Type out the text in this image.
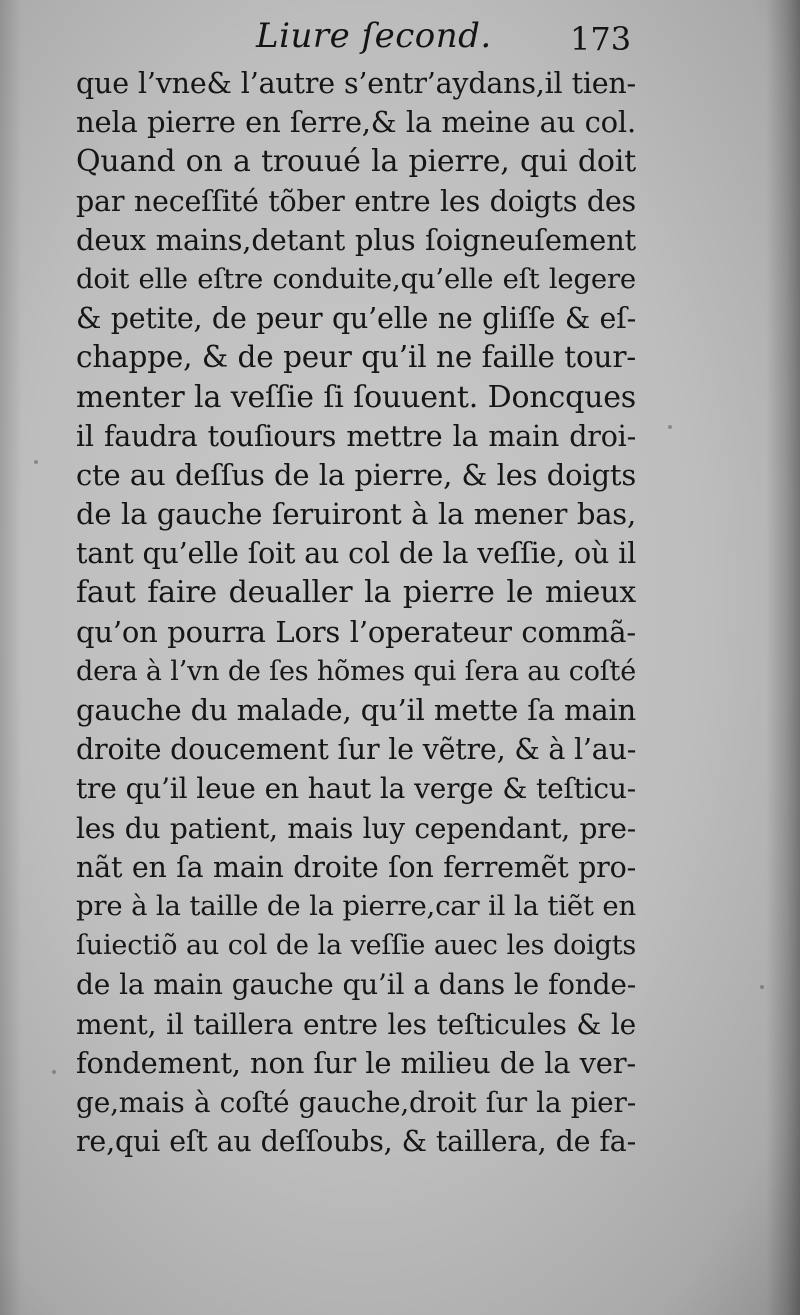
Liure ſecond. 173
que l’vne& l’autre s’entr’aydans,il tien-
nela pierre en ſerre,& la meine au col.
Quand on a trouué la pierre, qui doit
par neceſſité tõber entre les doigts des
deux mains,detant plus ſoigneuſement
doit elle eſtre conduite,qu’elle eſt legere
& petite, de peur qu’elle ne gliſſe & eſ-
chappe, & de peur qu’il ne faille tour-
menter la veſſie ſi ſouuent. Doncques
il faudra touſiours mettre la main droi-
cte au deſſus de la pierre, & les doigts
de la gauche ſeruiront à la mener bas,
tant qu’elle ſoit au col de la veſſie, où il
faut faire deualler la pierre le mieux
qu’on pourra Lors l’operateur commã-
dera à l’vn de ſes hõmes qui ſera au coſté
gauche du malade, qu’il mette ſa main
droite doucement ſur le vẽtre, & à l’au-
tre qu’il leue en haut la verge & teſticu-
les du patient, mais luy cependant, pre-
nãt en ſa main droite ſon ferremẽt pro-
pre à la taille de la pierre,car il la tiẽt en
ſuiectiõ au col de la veſſie auec les doigts
de la main gauche qu’il a dans le fonde-
ment, il taillera entre les teſticules & le
fondement, non ſur le milieu de la ver-
ge,mais à coſté gauche,droit ſur la pier-
re,qui eſt au deſſoubs, & taillera, de fa-
